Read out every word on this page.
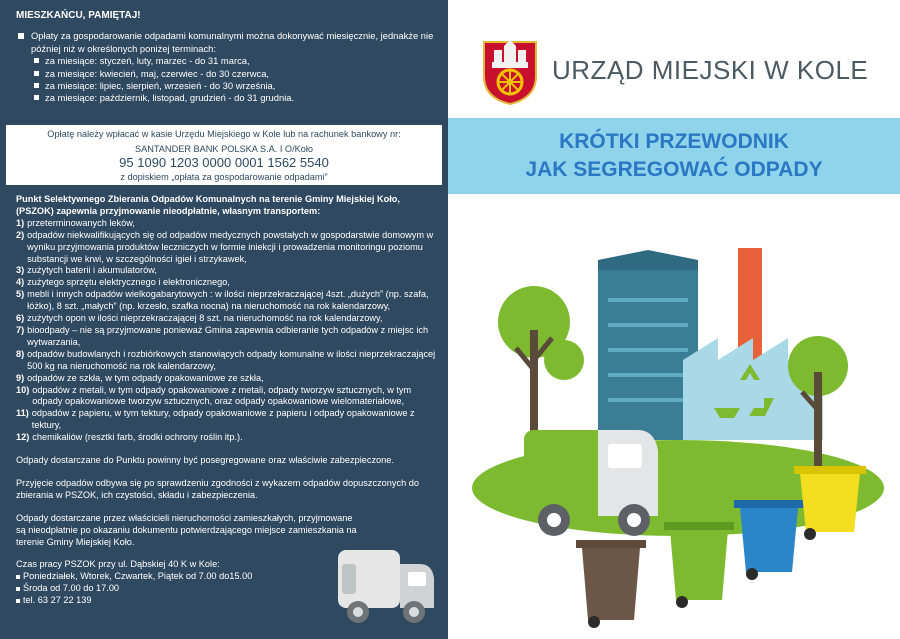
MIESZKAŃCU, PAMIĘTAJ!
Opłaty za gospodarowanie odpadami komunalnymi można dokonywać miesięcznie, jednakże nie później niż w określonych poniżej terminach:
za miesiące: styczeń, luty, marzec - do 31 marca,
za miesiące: kwiecień, maj, czerwiec - do 30 czerwca,
za miesiące: lipiec, sierpień, wrzesień - do 30 września,
za miesiące: październik, listopad, grudzień - do 31 grudnia.
Opłatę należy wpłacać w kasie Urzędu Miejskiego w Kole lub na rachunek bankowy nr:
SANTANDER BANK POLSKA S.A. I O/Koło
95 1090 1203 0000 0001 1562 5540
z dopiskiem „opłata za gospodarowanie odpadami”

Punkt Selektywnego Zbierania Odpadów Komunalnych na terenie Gminy Miejskiej Koło, (PSZOK) zapewnia przyjmowanie nieodpłatnie, własnym transportem:

1) przeterminowanych leków,
2) odpadów niekwalifikujących się od odpadów medycznych powstałych w gospodarstwie domowym w wyniku przyjmowania produktów leczniczych w formie iniekcji i prowadzenia monitoringu poziomu substancji we krwi, w szczególności igieł i strzykawek,
3) zużytych baterii i akumulatorów,
4) zużytego sprzętu elektrycznego i elektronicznego,
5) mebli i innych odpadów wielkogabarytowych : w ilości nieprzekraczającej 4szt. „dużych” (np. szafa, łóżko), 8 szt. „małych” (np. krzesło, szafka nocna) na nieruchomość na rok kalendarzowy,
6) zużytych opon w ilości nieprzekraczającej 8 szt. na nieruchomość na rok kalendarzowy,
7) bioodpady – nie są przyjmowane ponieważ Gmina zapewnia odbieranie tych odpadów z miejsc ich wytwarzania,
8) odpadów budowlanych i rozbiórkowych stanowiących odpady komunalne w ilości nieprzekraczającej 500 kg na nieruchomość na rok kalendarzowy,
9) odpadów ze szkła, w tym odpady opakowaniowe ze szkła,
10) odpadów z metali, w tym odpady opakowaniowe z metali, odpady tworzyw sztucznych, w tym odpady opakowaniowe tworzyw sztucznych, oraz odpady opakowaniowe wielomateriałowe,
11) odpadów z papieru, w tym tektury, odpady opakowaniowe z papieru i odpady opakowaniowe z tektury,
12) chemikaliów (resztki farb, środki ochrony roślin itp.).

Odpady dostarczane do Punktu powinny być posegregowane oraz właściwie zabezpieczone.

Przyjęcie odpadów odbywa się po sprawdzeniu zgodności z wykazem odpadów dopuszczonych do zbierania w PSZOK, ich czystości, składu i zabezpieczenia.

Odpady dostarczane przez właścicieli nieruchomości zamieszkałych, przyjmowane są nieodpłatnie po okazaniu dokumentu potwierdzającego miejsce zamieszkania na terenie Gminy Miejskiej Koło.

Czas pracy PSZOK przy ul. Dąbskiej 40 K w Kole:
Poniedziałek, Wtorek, Czwartek, Piątek od 7.00 do15.00
Środa od 7.00 do 17.00
tel. 63 27 22 139
URZĄD MIEJSKI W KOLE
KRÓTKI PRZEWODNIK
JAK SEGREGOWAĆ ODPADY
